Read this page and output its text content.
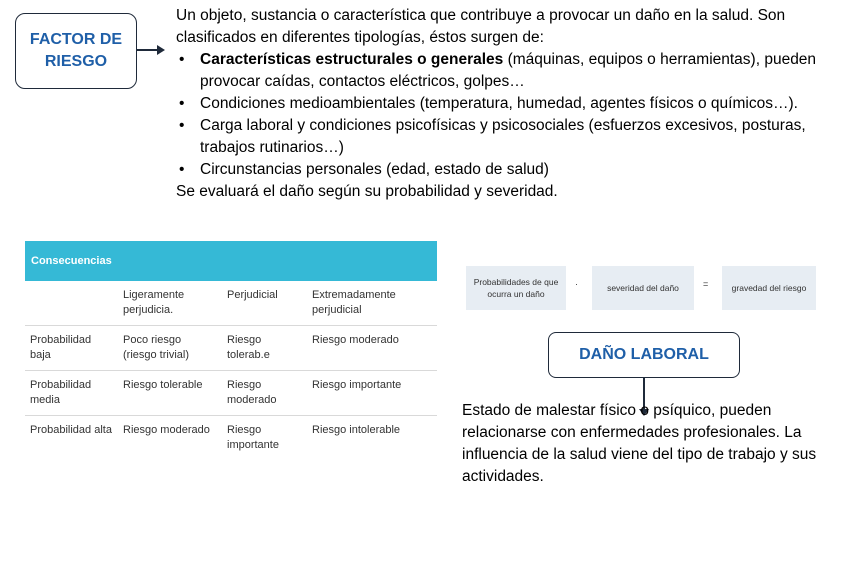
FACTOR DE
RIESGO

Un objeto, sustancia o característica que contribuye a provocar un daño en la salud. Son clasificados en diferentes tipologías, éstos surgen de:

• Características estructurales o generales (máquinas, equipos o herramientas), pueden provocar caídas, contactos eléctricos, golpes…
• Condiciones medioambientales (temperatura, humedad, agentes físicos o químicos…).
• Carga laboral y condiciones psicofísicas y psicosociales (esfuerzos excesivos, posturas, trabajos rutinarios…)
• Circunstancias personales (edad, estado de salud)

Se evaluará el daño según su probabilidad y severidad.

Consecuencias			
	Ligeramente perjudicia.	Perjudicial	Extremadamente perjudicial
Probabilidad baja	Poco riesgo (riesgo trivial)	Riesgo tolerab.e	Riesgo moderado
Probabilidad media	Riesgo tolerable	Riesgo moderado	Riesgo importante
Probabilidad alta	Riesgo moderado	Riesgo importante	Riesgo intolerable
Probabilidades de que ocurra un daño
·	severidad del daño	=	gravedad del riesgo
DAÑO LABORAL

Estado de malestar físico o psíquico, pueden relacionarse con enfermedades profesionales. La influencia de la salud viene del tipo de trabajo y sus actividades.
